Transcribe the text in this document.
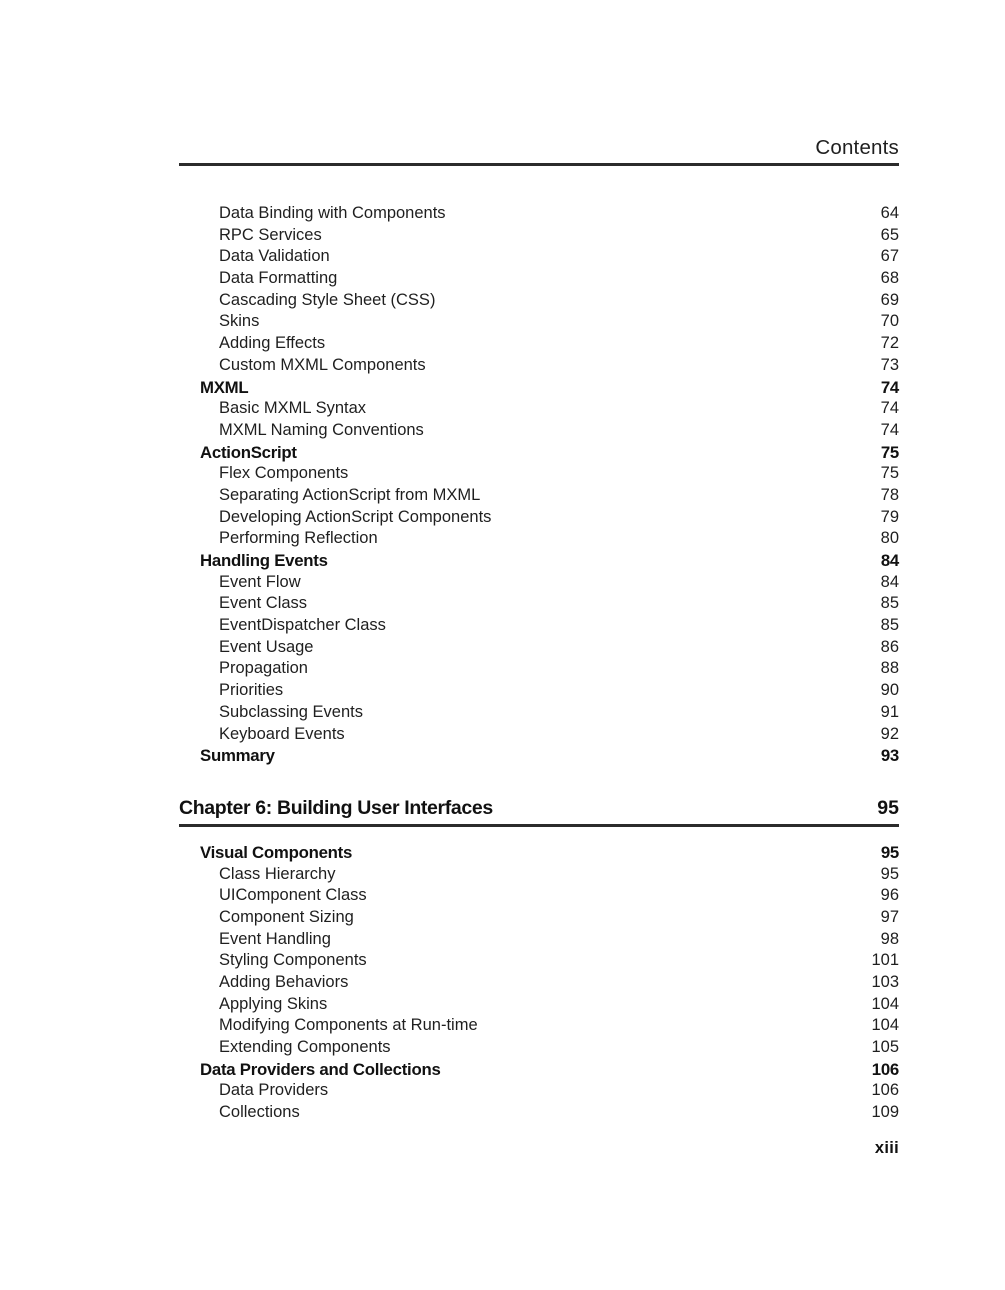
Contents
Data Binding with Components	64
RPC Services	65
Data Validation	67
Data Formatting	68
Cascading Style Sheet (CSS)	69
Skins	70
Adding Effects	72
Custom MXML Components	73
MXML	74
Basic MXML Syntax	74
MXML Naming Conventions	74
ActionScript	75
Flex Components	75
Separating ActionScript from MXML	78
Developing ActionScript Components	79
Performing Reflection	80
Handling Events	84
Event Flow	84
Event Class	85
EventDispatcher Class	85
Event Usage	86
Propagation	88
Priorities	90
Subclassing Events	91
Keyboard Events	92
Summary	93
Chapter 6: Building User Interfaces	95
Visual Components	95
Class Hierarchy	95
UIComponent Class	96
Component Sizing	97
Event Handling	98
Styling Components	101
Adding Behaviors	103
Applying Skins	104
Modifying Components at Run-time	104
Extending Components	105
Data Providers and Collections	106
Data Providers	106
Collections	109
xiii
